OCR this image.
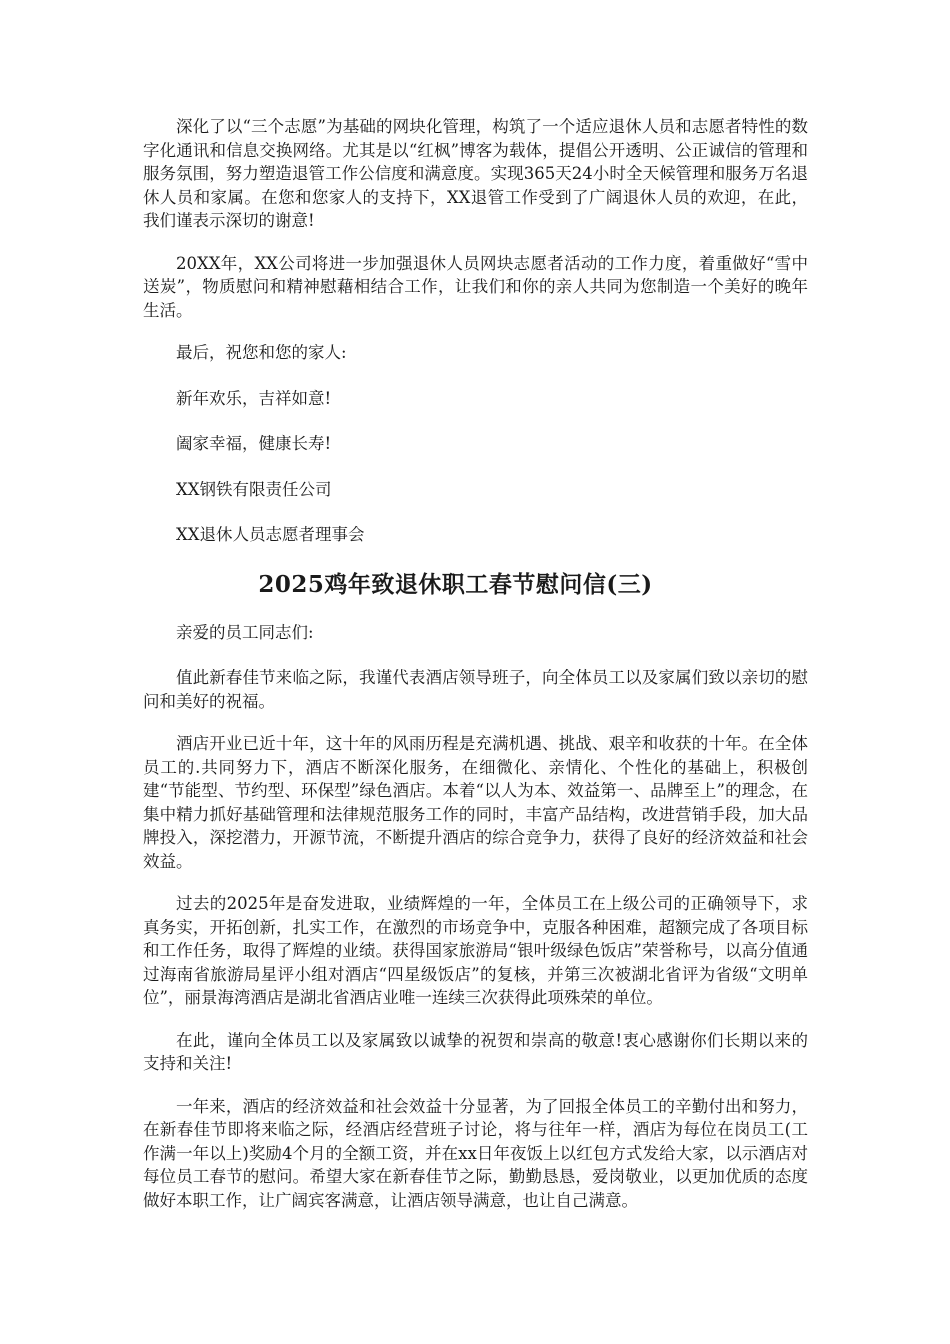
深化了以“三个志愿”为基础的网块化管理，构筑了一个适应退休人员和志愿者特性的数字化通讯和信息交换网络。尤其是以“红枫”博客为载体，提倡公开透明、公正诚信的管理和服务氛围，努力塑造退管工作公信度和满意度。实现365天24小时全天候管理和服务万名退休人员和家属。在您和您家人的支持下，XX退管工作受到了广阔退休人员的欢迎，在此，我们谨表示深切的谢意!

20XX年，XX公司将进一步加强退休人员网块志愿者活动的工作力度，着重做好“雪中送炭”，物质慰问和精神慰藉相结合工作，让我们和你的亲人共同为您制造一个美好的晚年生活。

最后，祝您和您的家人:

新年欢乐，吉祥如意!

阖家幸福，健康长寿!

XX钢铁有限责任公司

XX退休人员志愿者理事会

2025鸡年致退休职工春节慰问信(三)

亲爱的员工同志们:

值此新春佳节来临之际，我谨代表酒店领导班子，向全体员工以及家属们致以亲切的慰问和美好的祝福。

酒店开业已近十年，这十年的风雨历程是充满机遇、挑战、艰辛和收获的十年。在全体员工的.共同努力下，酒店不断深化服务，在细微化、亲情化、个性化的基础上，积极创建“节能型、节约型、环保型”绿色酒店。本着“以人为本、效益第一、品牌至上”的理念，在集中精力抓好基础管理和法律规范服务工作的同时，丰富产品结构，改进营销手段，加大品牌投入，深挖潜力，开源节流，不断提升酒店的综合竞争力，获得了良好的经济效益和社会效益。

过去的2025年是奋发进取，业绩辉煌的一年，全体员工在上级公司的正确领导下，求真务实，开拓创新，扎实工作，在激烈的市场竞争中，克服各种困难，超额完成了各项目标和工作任务，取得了辉煌的业绩。获得国家旅游局“银叶级绿色饭店”荣誉称号，以高分值通过海南省旅游局星评小组对酒店“四星级饭店”的复核，并第三次被湖北省评为省级“文明单位”，丽景海湾酒店是湖北省酒店业唯一连续三次获得此项殊荣的单位。

在此，谨向全体员工以及家属致以诚挚的祝贺和崇高的敬意!衷心感谢你们长期以来的支持和关注!

一年来，酒店的经济效益和社会效益十分显著，为了回报全体员工的辛勤付出和努力，在新春佳节即将来临之际，经酒店经营班子讨论，将与往年一样，酒店为每位在岗员工(工作满一年以上)奖励4个月的全额工资，并在xx日年夜饭上以红包方式发给大家，以示酒店对每位员工春节的慰问。希望大家在新春佳节之际，勤勤恳恳，爱岗敬业，以更加优质的态度做好本职工作，让广阔宾客满意，让酒店领导满意，也让自己满意。
